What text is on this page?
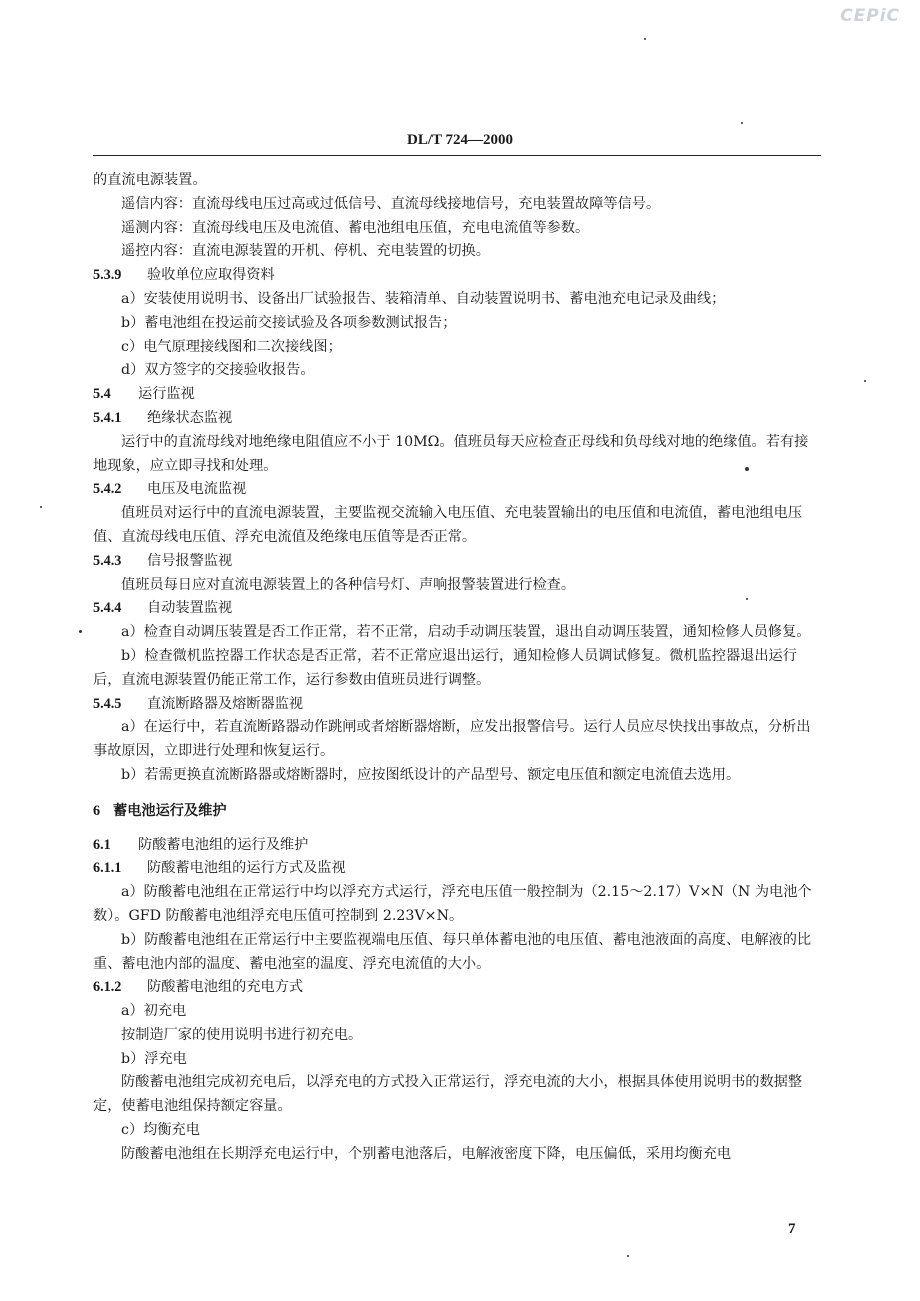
CEPiC
DL/T 724—2000
的直流电源装置。
遥信内容：直流母线电压过高或过低信号、直流母线接地信号，充电装置故障等信号。
遥测内容：直流母线电压及电流值、蓄电池组电压值，充电电流值等参数。
遥控内容：直流电源装置的开机、停机、充电装置的切换。
5.3.9 验收单位应取得资料
a）安装使用说明书、设备出厂试验报告、装箱清单、自动装置说明书、蓄电池充电记录及曲线；
b）蓄电池组在投运前交接试验及各项参数测试报告；
c）电气原理接线图和二次接线图；
d）双方签字的交接验收报告。
5.4 运行监视
5.4.1 绝缘状态监视
运行中的直流母线对地绝缘电阻值应不小于 10MΩ。值班员每天应检查正母线和负母线对地的绝缘值。若有接地现象，应立即寻找和处理。
5.4.2 电压及电流监视
值班员对运行中的直流电源装置，主要监视交流输入电压值、充电装置输出的电压值和电流值，蓄电池组电压值、直流母线电压值、浮充电流值及绝缘电压值等是否正常。
5.4.3 信号报警监视
值班员每日应对直流电源装置上的各种信号灯、声响报警装置进行检查。
5.4.4 自动装置监视
a）检查自动调压装置是否工作正常，若不正常，启动手动调压装置，退出自动调压装置，通知检修人员修复。
b）检查微机监控器工作状态是否正常，若不正常应退出运行，通知检修人员调试修复。微机监控器退出运行后，直流电源装置仍能正常工作，运行参数由值班员进行调整。
5.4.5 直流断路器及熔断器监视
a）在运行中，若直流断路器动作跳闸或者熔断器熔断，应发出报警信号。运行人员应尽快找出事故点，分析出事故原因，立即进行处理和恢复运行。
b）若需更换直流断路器或熔断器时，应按图纸设计的产品型号、额定电压值和额定电流值去选用。
6 蓄电池运行及维护
6.1 防酸蓄电池组的运行及维护
6.1.1 防酸蓄电池组的运行方式及监视
a）防酸蓄电池组在正常运行中均以浮充方式运行，浮充电压值一般控制为（2.15～2.17）V×N（N 为电池个数）。GFD 防酸蓄电池组浮充电压值可控制到 2.23V×N。
b）防酸蓄电池组在正常运行中主要监视端电压值、每只单体蓄电池的电压值、蓄电池液面的高度、电解液的比重、蓄电池内部的温度、蓄电池室的温度、浮充电流值的大小。
6.1.2 防酸蓄电池组的充电方式
a）初充电
按制造厂家的使用说明书进行初充电。
b）浮充电
防酸蓄电池组完成初充电后，以浮充电的方式投入正常运行，浮充电流的大小，根据具体使用说明书的数据整定，使蓄电池组保持额定容量。
c）均衡充电
防酸蓄电池组在长期浮充电运行中，个别蓄电池落后，电解液密度下降，电压偏低，采用均衡充电
7
